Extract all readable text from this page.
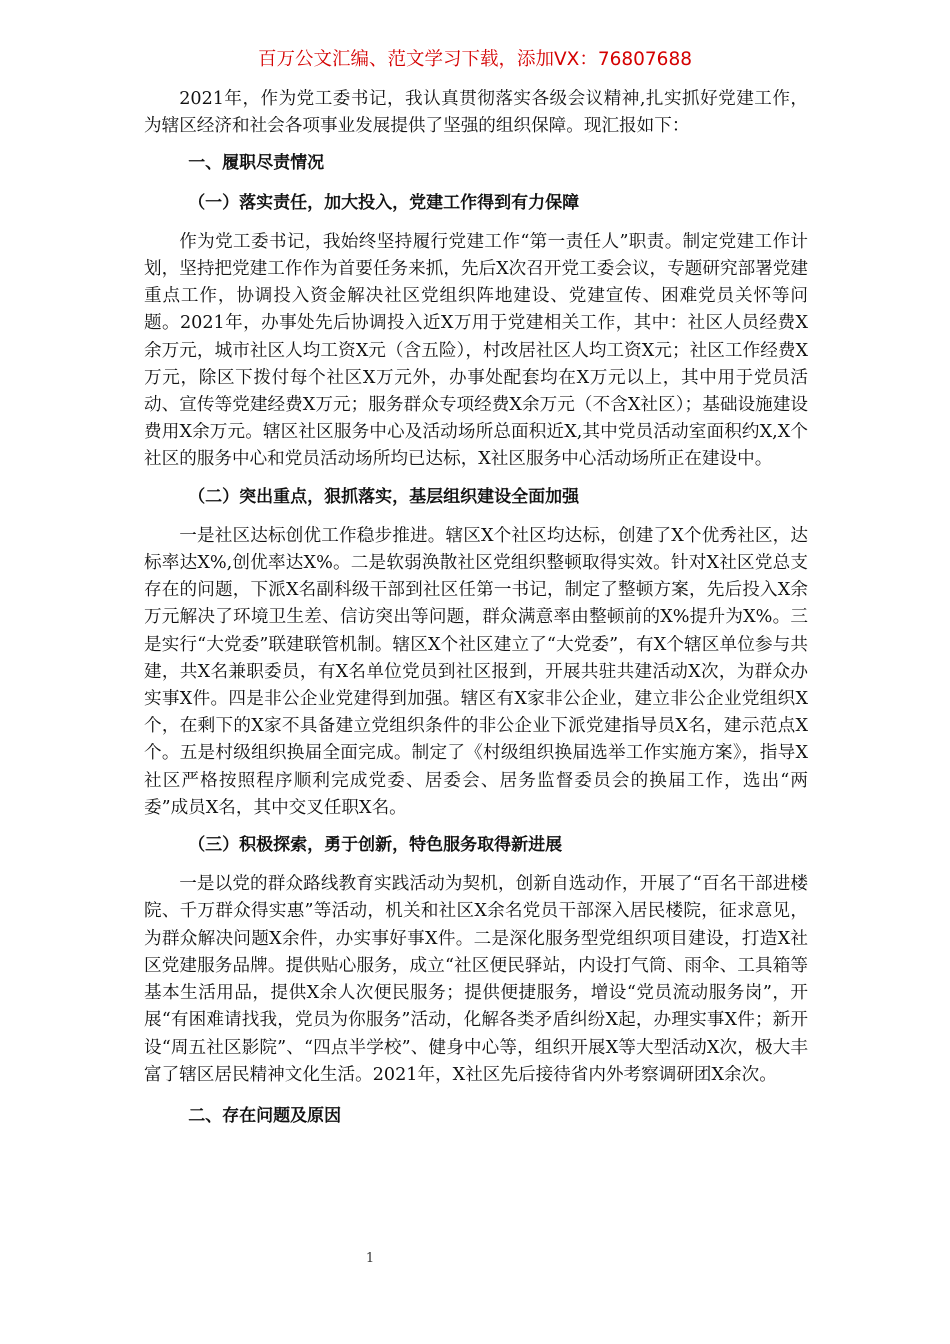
百万公文汇编、范文学习下载，添加VX：76807688

2021年，作为党工委书记，我认真贯彻落实各级会议精神,扎实抓好党建工作，为辖区经济和社会各项事业发展提供了坚强的组织保障。现汇报如下：

一、履职尽责情况
（一）落实责任，加大投入，党建工作得到有力保障

作为党工委书记，我始终坚持履行党建工作“第一责任人”职责。制定党建工作计划，坚持把党建工作作为首要任务来抓，先后X次召开党工委会议，专题研究部署党建重点工作，协调投入资金解决社区党组织阵地建设、党建宣传、困难党员关怀等问题。2021年，办事处先后协调投入近X万用于党建相关工作，其中：社区人员经费X余万元，城市社区人均工资X元（含五险），村改居社区人均工资X元；社区工作经费X万元，除区下拨付每个社区X万元外，办事处配套均在X万元以上，其中用于党员活动、宣传等党建经费X万元；服务群众专项经费X余万元（不含X社区）；基础设施建设费用X余万元。辖区社区服务中心及活动场所总面积近X,其中党员活动室面积约X,X个社区的服务中心和党员活动场所均已达标，X社区服务中心活动场所正在建设中。

（二）突出重点，狠抓落实，基层组织建设全面加强

一是社区达标创优工作稳步推进。辖区X个社区均达标，创建了X个优秀社区，达标率达X%,创优率达X%。二是软弱涣散社区党组织整顿取得实效。针对X社区党总支存在的问题，下派X名副科级干部到社区任第一书记，制定了整顿方案，先后投入X余万元解决了环境卫生差、信访突出等问题，群众满意率由整顿前的X%提升为X%。三是实行“大党委”联建联管机制。辖区X个社区建立了“大党委”，有X个辖区单位参与共建，共X名兼职委员，有X名单位党员到社区报到，开展共驻共建活动X次，为群众办实事X件。四是非公企业党建得到加强。辖区有X家非公企业，建立非公企业党组织X个，在剩下的X家不具备建立党组织条件的非公企业下派党建指导员X名，建示范点X个。五是村级组织换届全面完成。制定了《村级组织换届选举工作实施方案》，指导X社区严格按照程序顺利完成党委、居委会、居务监督委员会的换届工作，选出“两委”成员X名，其中交叉任职X名。

（三）积极探索，勇于创新，特色服务取得新进展

一是以党的群众路线教育实践活动为契机，创新自选动作，开展了“百名干部进楼院、千万群众得实惠”等活动，机关和社区X余名党员干部深入居民楼院，征求意见，为群众解决问题X余件，办实事好事X件。二是深化服务型党组织项目建设，打造X社区党建服务品牌。提供贴心服务，成立“社区便民驿站，内设打气筒、雨伞、工具箱等基本生活用品，提供X余人次便民服务；提供便捷服务，增设“党员流动服务岗”，开展“有困难请找我，党员为你服务”活动，化解各类矛盾纠纷X起，办理实事X件；新开设“周五社区影院”、“四点半学校”、健身中心等，组织开展X等大型活动X次，极大丰富了辖区居民精神文化生活。2021年，X社区先后接待省内外考察调研团X余次。

二、存在问题及原因
1
